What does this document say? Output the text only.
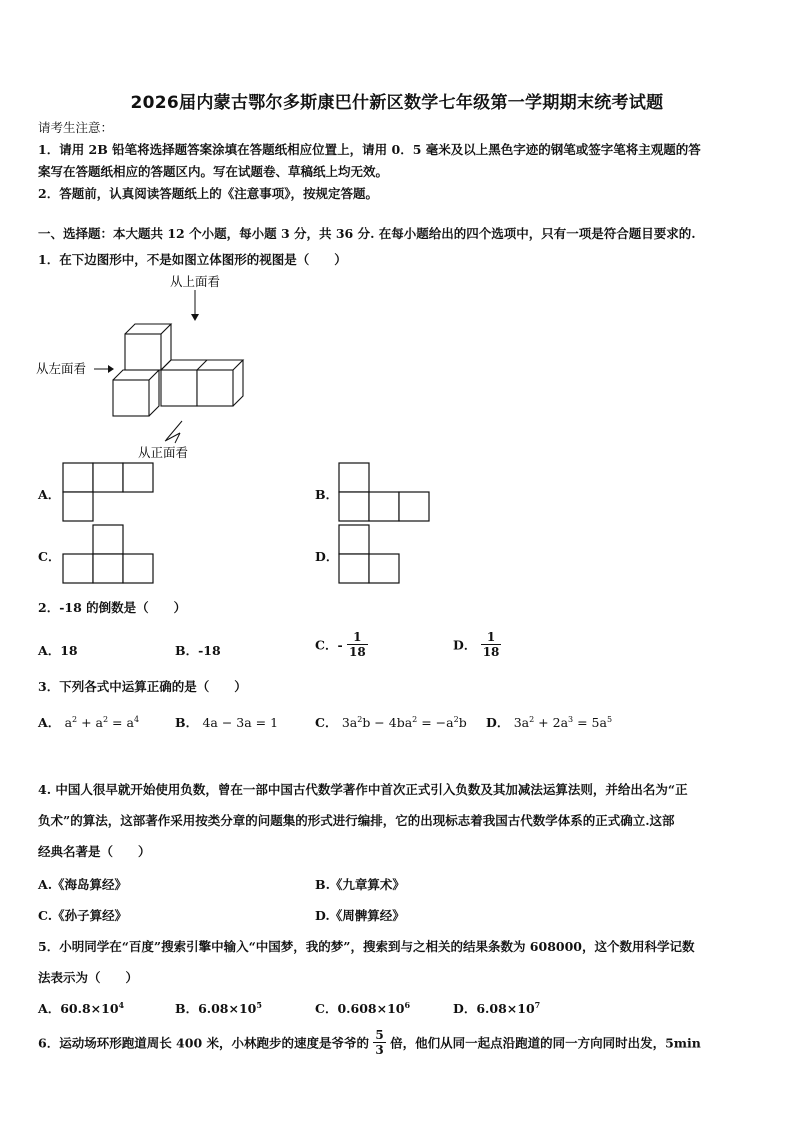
2026届内蒙古鄂尔多斯康巴什新区数学七年级第一学期期末统考试题
请考生注意：
1．请用 2B 铅笔将选择题答案涂填在答题纸相应位置上，请用 0．5 毫米及以上黑色字迹的钢笔或签字笔将主观题的答
案写在答题纸相应的答题区内。写在试题卷、草稿纸上均无效。
2．答题前，认真阅读答题纸上的《注意事项》，按规定答题。
一、选择题：本大题共 12 个小题，每小题 3 分，共 36 分. 在每小题给出的四个选项中，只有一项是符合题目要求的.
1．在下边图形中，不是如图立体图形的视图是（　　）
从上面看
从左面看
从正面看
A．	B．
C．	D．
2．-18 的倒数是（　　）
A．18	B．-18	C．- $\frac{1}{18}$	D． $\frac{1}{18}$
3．下列各式中运算正确的是（　　）
A． $a^2 + a^2 = a^4$	B． 4a − 3a = 1	C． $3a^2b - 4ba^2 = -a^2b$ D． $3a^2 + 2a^3 = 5a^5$
4. 中国人很早就开始使用负数，曾在一部中国古代数学著作中首次正式引入负数及其加减法运算法则，并给出名为“正
负术”的算法，这部著作采用按类分章的问题集的形式进行编排，它的出现标志着我国古代数学体系的正式确立.这部
经典名著是（　　）
A.《海岛算经》	B.《九章算术》
C.《孙子算经》	D.《周髀算经》
5．小明同学在“百度”搜索引擎中输入“中国梦，我的梦”，搜索到与之相关的结果条数为 608000，这个数用科学记数
法表示为（　　）
A．$60.8\times 10^4$	B．$6.08\times 10^5$	C．$0.608\times 10^6$	D．$6.08\times 10^7$
6．运动场环形跑道周长 400 米，小林跑步的速度是爷爷的 $\frac{5}{3}$ 倍，他们从同一起点沿跑道的同一方向同时出发，5min
